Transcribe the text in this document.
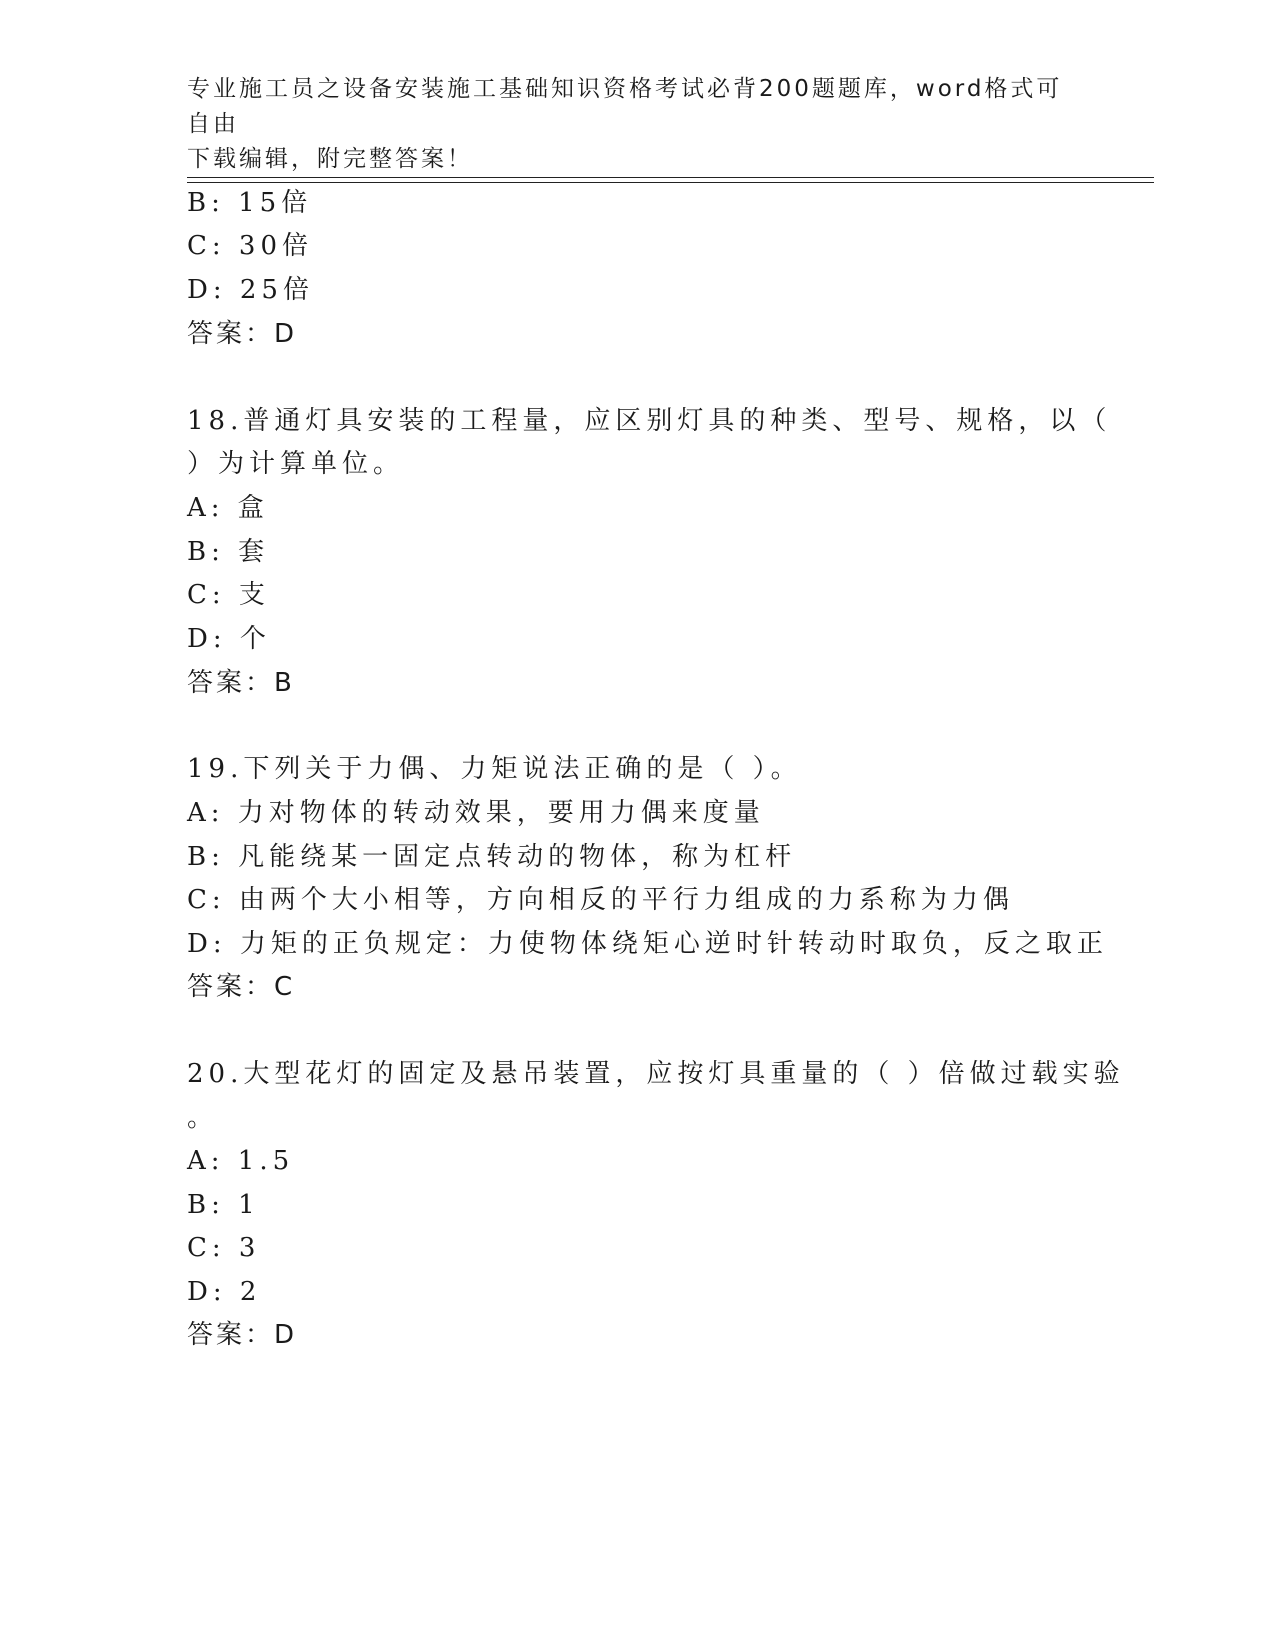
专业施工员之设备安装施工基础知识资格考试必背200题题库，word格式可自由
下载编辑，附完整答案！
B: 15倍
C: 30倍
D: 25倍
答案：D
18.普通灯具安装的工程量，应区别灯具的种类、型号、规格，以（
）为计算单位。
A: 盒
B: 套
C: 支
D: 个
答案：B
19.下列关于力偶、力矩说法正确的是（ ）。
A: 力对物体的转动效果，要用力偶来度量
B: 凡能绕某一固定点转动的物体，称为杠杆
C: 由两个大小相等，方向相反的平行力组成的力系称为力偶
D: 力矩的正负规定：力使物体绕矩心逆时针转动时取负，反之取正
答案：C
20.大型花灯的固定及悬吊装置，应按灯具重量的（ ）倍做过载实验
。
A: 1.5
B: 1
C: 3
D: 2
答案：D
